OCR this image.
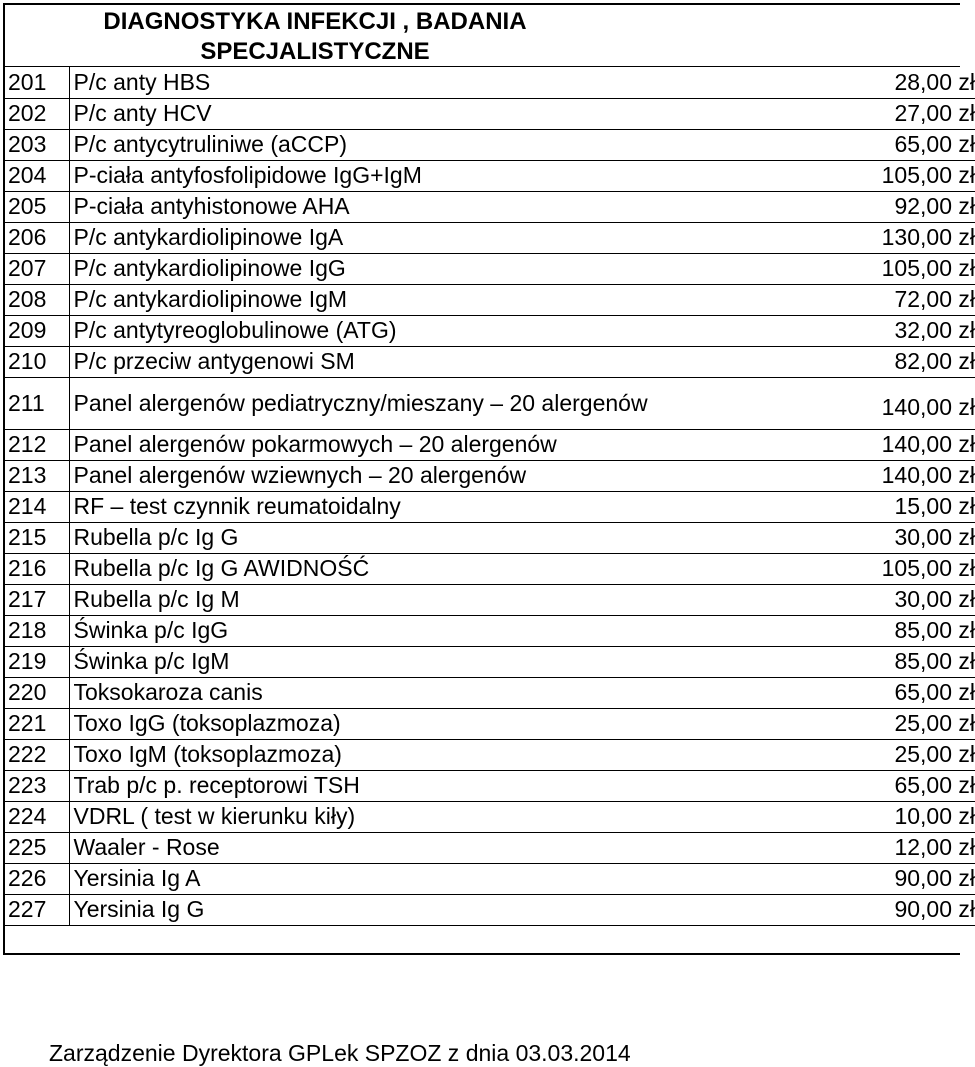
DIAGNOSTYKA INFEKCJI , BADANIA
SPECJALISTYCZNE
201	P/c anty HBS	28,00 zł
202	P/c anty HCV	27,00 zł
203	P/c antycytruliniwe (aCCP)	65,00 zł
204	P-ciała antyfosfolipidowe IgG+IgM	105,00 zł
205	P-ciała antyhistonowe AHA	92,00 zł
206	P/c antykardiolipinowe IgA	130,00 zł
207	P/c antykardiolipinowe IgG	105,00 zł
208	P/c antykardiolipinowe IgM	72,00 zł
209	P/c antytyreoglobulinowe (ATG)	32,00 zł
210	P/c przeciw antygenowi SM	82,00 zł
211	Panel alergenów pediatryczny/mieszany – 20 alergenów	140,00 zł
212	Panel alergenów pokarmowych – 20 alergenów	140,00 zł
213	Panel alergenów wziewnych – 20 alergenów	140,00 zł
214	RF – test czynnik reumatoidalny	15,00 zł
215	Rubella p/c Ig G	30,00 zł
216	Rubella p/c Ig G AWIDNOŚĆ	105,00 zł
217	Rubella p/c Ig M	30,00 zł
218	Świnka p/c IgG	85,00 zł
219	Świnka p/c IgM	85,00 zł
220	Toksokaroza canis	65,00 zł
221	Toxo IgG (toksoplazmoza)	25,00 zł
222	Toxo IgM (toksoplazmoza)	25,00 zł
223	Trab p/c p. receptorowi TSH	65,00 zł
224	VDRL ( test w kierunku kiły)	10,00 zł
225	Waaler - Rose	12,00 zł
226	Yersinia Ig A	90,00 zł
227	Yersinia Ig G	90,00 zł
Zarządzenie Dyrektora GPLek SPZOZ z dnia 03.03.2014
